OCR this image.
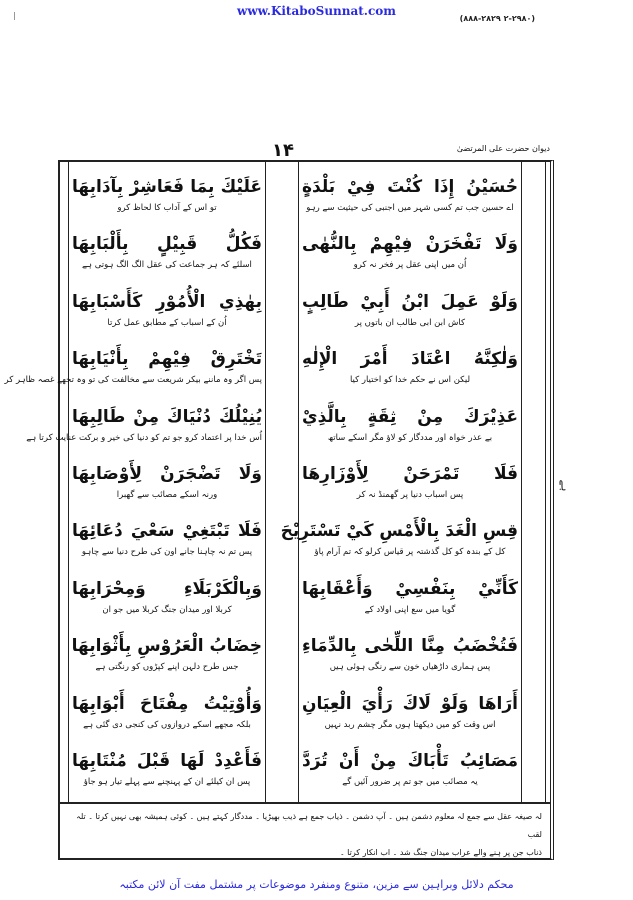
www.KitaboSunnat.com
(۲-۲۹۸۰ ۸۸۸-۲۸۲۹)
۱۴	دیوان حضرت علی المرتضیٰ
حُسَيْنُ إِذَا كُنْتَ فِيْ بَلْدَةٍ
اے حسین جب تم کسی شہر میں اجنبی کی حیثیت سے رہو
وَلَا تَفْخَرَنْ فِيْهِمْ بِالنُّهٰى
اُن میں اپنی عقل پر فخر نہ کرو
وَلَوْ عَمِلَ ابْنُ أَبِيْ طَالِبٍ
کاش ابن ابی طالب ان باتوں پر
وَلٰكِنَّهُ اعْتَادَ أَمْرَ الْإِلٰهِ
لیکن اس نے حکم خدا کو اختیار کیا
عَذِيْرَكَ مِنْ ثِقَةٍ بِالَّذِيْ
بے عذر خواہ اور مددگار کو لاؤ مگر اسکے ساتھ
فَلَا تَمْرَحَنْ لِأَوْزَارِهَا
پس اسباب دنیا پر گھمنڈ نہ کر
قِسِ الْغَدَ بِالْأَمْسِ كَيْ تَسْتَرِيْحَ
کل کے بندہ کو کل گذشتہ پر قیاس کرلو کہ تم آرام پاؤ
كَأَنِّيْ بِنَفْسِيْ وَأَعْقَابِهَا
گویا میں سع اپنی اولاد کے
فَتُخْضَبُ مِنَّا اللِّحٰى بِالدِّمَاءِ
پس ہماری داڑھیاں خون سے رنگی ہوئی ہیں
أَرَاهَا وَلَوْ لَاكَ رَأْيَ الْعِيَانِ
اس وقت کو میں دیکھتا ہوں مگر چشم ربد نہیں
مَصَائِبُ تَأْبَاكَ مِنْ أَنْ تُرَدَّ
یہ مصائب میں جو تم پر ضرور آئیں گے
عَلَيْكَ بِمَا فَعَاشِرْ بِآدَابِهَا
تو اس کے آداب کا لحاظ کرو
فَكُلُّ قَبِيْلٍ بِأَلْبَابِهَا
اسلئے کہ ہر جماعت کی عقل الگ الگ ہوتی ہے
بِهٰذِي الْأُمُوْرِ كَأَسْبَابِهَا
اُن کے اسباب کے مطابق عمل کرتا
تَخْتَرِقْ فِيْهِمْ بِأَنْيَابِهَا
پس اگر وہ ماننے بیکر شریعت سے مخالفت کی تو وہ تجھے غصہ ظاہر کر
يُنِيْلُكَ دُنْيَاكَ مِنْ طَالِبِهَا
اُس خدا پر اعتماد کرو جو تم کو دنیا کی خیر و برکت عنایت کرتا ہے
وَلَا تَضْجَرَنْ لِأَوْصَابِهَا
ورنہ اسکے مصائب سے گھبرا
فَلَا تَبْتَغِيْ سَعْيَ دُعَائِهَا
پس تم نہ چاہنا جانے اون کی طرح دنیا سے چاہو
وَبِالْكَرْبَلَاءِ وَمِحْرَابِهَا
کربلا اور میدان جنگ کربلا میں جو ان
خِضَابُ الْعَرُوْسِ بِأَثْوَابِهَا
جس طرح دلہن اپنے کپڑوں کو رنگتی ہے
وَأُوْتِيْتُ مِفْتَاحَ أَبْوَابِهَا
بلکہ مجھے اسکے دروازوں کی کنجی دی گئی ہے
فَأَعْدِدْ لَهَا قَبْلَ مُنْتَابِهَا
پس ان کیلئے ان کے پہنچنے سے پہلے تیار ہو جاؤ
لہ صیغہ عقل سے جمع لہ معلوم دشمن ہیں ۔ آپ دشمن ۔ ذیاب جمع ہے ذیب بھیڑیا ۔ مددگار کہتے ہیں ۔ کوئی ہمیشہ بھی نہیں کرتا ۔ تلہ لقب
ذناب جن پر ہنے والے عراب میدان جنگ شد ۔ اب انکار کرتا ۔
ہے
محکم دلائل وبراہین سے مزین، متنوع ومنفرد موضوعات پر مشتمل مفت آن لائن مکتبہ
